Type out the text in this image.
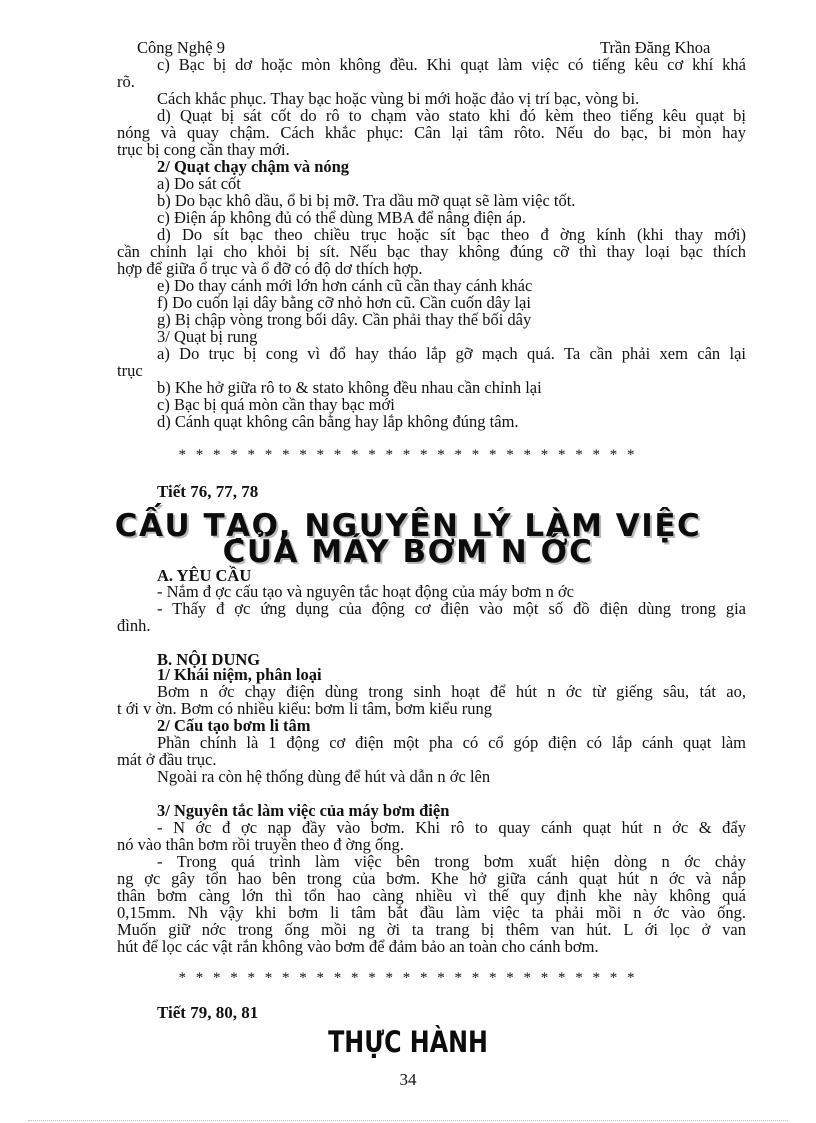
Công Nghệ 9	Trần Đăng Khoa
c) Bạc bị dơ hoặc mòn không đều. Khi quạt làm việc có tiếng kêu cơ khí khá
rõ.
Cách khắc phục. Thay bạc hoặc vùng bi mới hoặc đảo vị trí bạc, vòng bi.
d) Quạt bị sát cốt do rô to chạm vào stato khi đó kèm theo tiếng kêu quạt bị
nóng và quay chậm. Cách khắc phục: Cân lại tâm rôto. Nếu do bạc, bi mòn hay
trục bị cong cần thay mới.
2/ Quạt chạy chậm và nóng
a) Do sát cốt
b) Do bạc khô dầu, ổ bi bị mỡ. Tra dầu mỡ quạt sẽ làm việc tốt.
c) Điện áp không đủ có thể dùng MBA để nâng điện áp.
d) Do sít bạc theo chiều trục hoặc sít bạc theo đ ờng kính (khi thay mới)
cần chỉnh lại cho khỏi bị sít. Nếu bạc thay không đúng cỡ thì thay loại bạc thích
hợp để giữa ổ trục và ổ đỡ có độ dơ thích hợp.
e) Do thay cánh mới lớn hơn cánh cũ cần thay cánh khác
f) Do cuốn lại dây bằng cỡ nhỏ hơn cũ. Cần cuốn dây lại
g) Bị chập vòng trong bối dây. Cần phải thay thế bối dây
3/ Quạt bị rung
a) Do trục bị cong vì đổ hay tháo lắp gỡ mạch quá. Ta cần phải xem cân lại
trục
b) Khe hở giữa rô to & stato không đều nhau cần chỉnh lại
c) Bạc bị quá mòn cần thay bạc mới
d) Cánh quạt không cân bằng hay lắp không đúng tâm.
* * * * * * * * * * * * * * * * * * * * * * * * * * *
Tiết 76, 77, 78
CẤU TẠO, NGUYÊN LÝ LÀM VIỆC
CỦA MÁY BƠM N ỚC
A. YÊU CẦU
- Nắm đ ợc cấu tạo và nguyên tắc hoạt động của máy bơm n ớc
- Thấy đ ợc ứng dụng của động cơ điện vào một số đồ điện dùng trong gia
đình.
B. NỘI DUNG
1/ Khái niệm, phân loại
Bơm n ớc chạy điện dùng trong sinh hoạt để hút n ớc từ giếng sâu, tát ao,
t ới v ờn. Bơm có nhiều kiểu: bơm li tâm, bơm kiểu rung
2/ Cấu tạo bơm li tâm
Phần chính là 1 động cơ điện một pha có cổ góp điện có lắp cánh quạt làm
mát ở đầu trục.
Ngoài ra còn hệ thống dùng để hút và dẫn n ớc lên
3/ Nguyên tắc làm việc của máy bơm điện
- N ớc đ ợc nạp đầy vào bơm. Khi rô to quay cánh quạt hút n ớc & đẩy
nó vào thân bơm rồi truyền theo đ ờng ống.
- Trong quá trình làm việc bên trong bơm xuất hiện dòng n ớc chảy
ng ợc gây tổn hao bên trong của bơm. Khe hở giữa cánh quạt hút n ớc và nắp
thân bơm càng lớn thì tổn hao càng nhiều vì thế quy định khe này không quá
0,15mm. Nh vậy khi bơm li tâm bắt đầu làm việc ta phải mồi n ớc vào ống.
Muốn giữ nớc trong ống mồi ng ời ta trang bị thêm van hút. L ới lọc ở van
hút để lọc các vật rắn không vào bơm để đảm bảo an toàn cho cánh bơm.
* * * * * * * * * * * * * * * * * * * * * * * * * * *
Tiết 79, 80, 81
THỰC HÀNH
34
